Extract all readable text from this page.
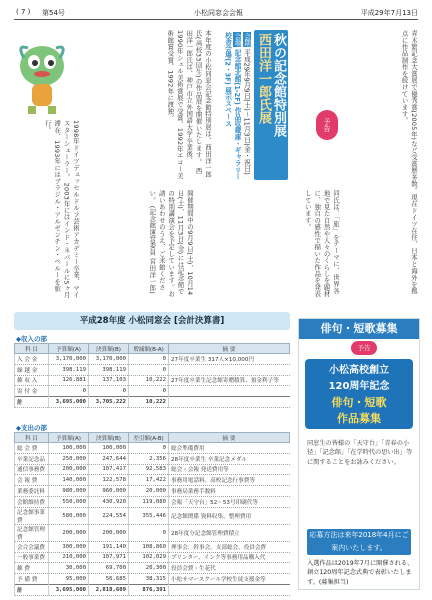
( 7 ) 第54号	小松同窓会会報	平成29年7月13日
予告
秋の記念館特別展
西田洋一郎氏展
会期 平成29年9月9日(土)〜11月3日(金・祝日)
会場 記念館北館(1-2F) 作品収蔵庫・ギャラリー
校舎会場(2・3F) 展示スペース
本年度の小松同窓会記念館特別展は、西田洋一郎氏(高校33回生)の作品展を開催いたします。 西田洋一郎氏は、神戸市立外国語大学卒業後、1990年シェル美術賞展で受賞、1992年エコー美術館賞受賞、1992年に渡独。
1998年ドイツデュッセルドルフ芸術アカデミー卒業、マイスターシューラー。 2003年にはインド・ネパールに5ヶ月滞在、1993年にはブラジル・アルゼンチン・ペルーを旅行。	青木繁記念大賞展で優秀賞(2005年)など受賞歴多数。現在ドイツ在住、日本と海外を拠点に作品制作を続けています。
同氏は、「旅」をテーマに、世界各地で見た自然や人々のくらしを題材に、独自の感性で描いた作品を発表しています。
開催期間中の9月9日(土)、10月14日(土)、11月3日(金)には記念館での特別講演会を予定しています。お誘いあわせのうえ、ご来館ください。 (記念館運営委員 宮田洋一郎)
平成28年度 小松同窓会 [会計決算書]
◆収入の部
科 目	予算額(A)	決算額(B)	増減額(B-A)	摘 要
入 会 金	3,170,000	3,170,000	0	27年度卒業生 317人×10,000円
繰 越 金	398,119	398,119	0	
雑 収 入	126,881	137,103	10,222	27年度卒業生記念館寄贈積算、預金利子等
寄 付 金	0	0	0	
計	3,695,000	3,705,222	10,222	
◆支出の部
科 目	予算額(A)	決算額(B)	差引額(A-B)	摘 要
総 会 費	100,000	100,000	0	総会準備費用
卒業記念品	250,000	247,644	2,356	28年度卒業生 卒業記念メダル
通信事務費	200,000	107,417	92,583	総会・会報 発送費用等
会 報 費	140,000	122,578	17,422	事務用電話料、高校記念行事費等
業務委託料	980,000	960,000	20,000	事務局業務手数料
会館維持費	550,000	430,920	119,080	会報「天守台」52・53号印刷代等
記念館事業費	580,000	224,554	355,446	記念館関係 資料収集、整理費用
記念館管理費	200,000	200,000	0	28年度分記念館管理費積立
会合会議費	300,000	191,140	108,860	理事会、幹事会、支部総会、役員会費
一般事業費	210,000	107,971	102,029	プリンター、インク等事務用品購入代
雑 費	30,000	69,700	20,300	役員会費・生花代
予 備 費	95,000	56,685	38,315	小松サマースクール学校生徒支援金等
計	3,695,000	2,818,609	876,391	
俳句・短歌募集
予告
小松高校創立
120周年記念
俳句・短歌
作品募集
同窓生の皆様の「天守台」「青春の小径」「記念館」「在学時代の思い出」等に関することをお詠みください。
応募方法は来年2018年4月にご案内いたします。
入選作品は2019年7月に開催される、創立120周年記念式典で表彰いたします。(募集担当)
